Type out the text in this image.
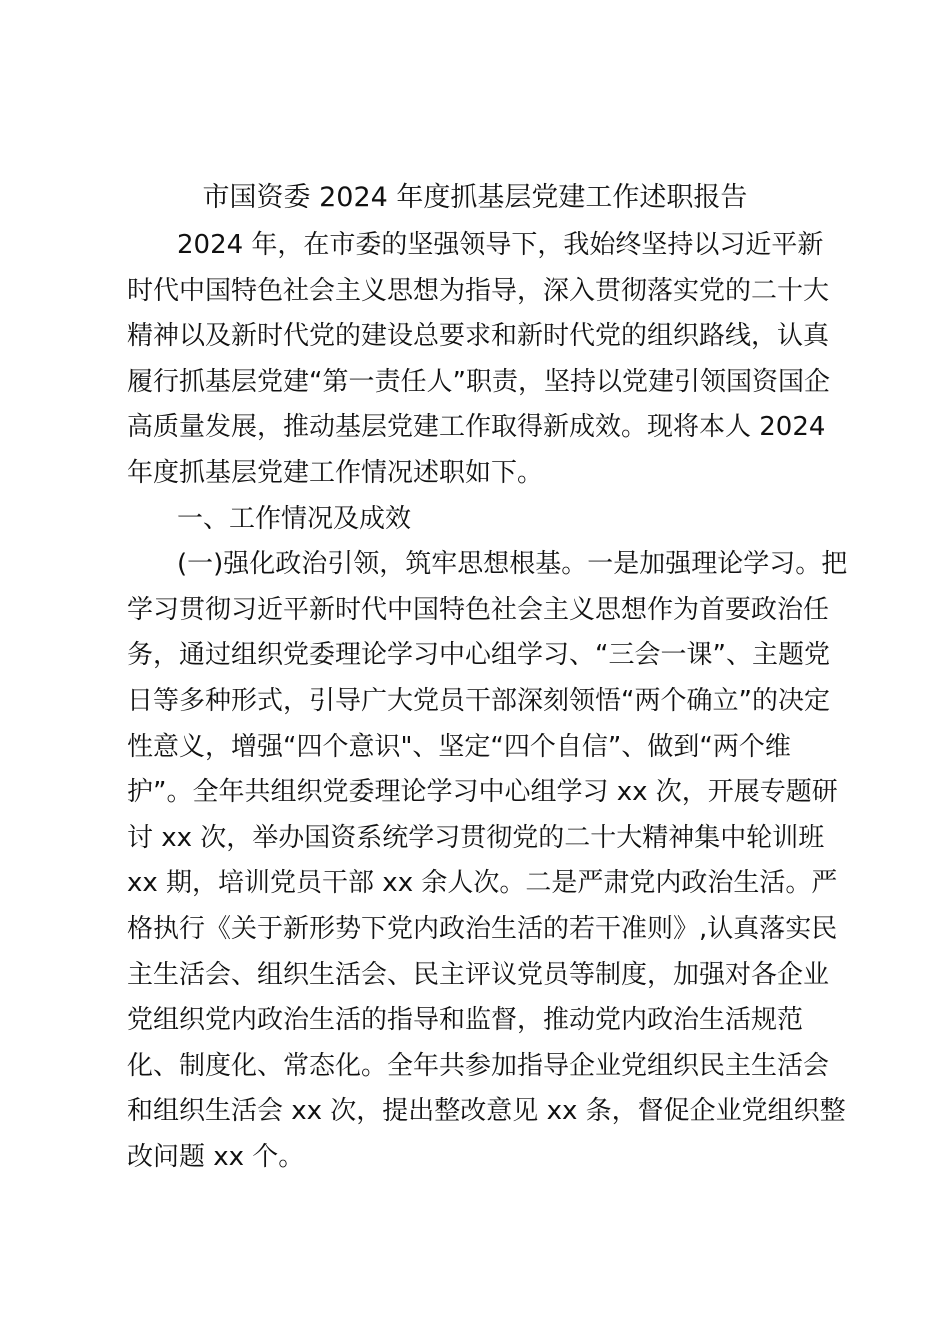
市国资委 2024 年度抓基层党建工作述职报告
2024 年，在市委的坚强领导下，我始终坚持以习近平新
时代中国特色社会主义思想为指导，深入贯彻落实党的二十大
精神以及新时代党的建设总要求和新时代党的组织路线，认真
履行抓基层党建“第一责任人”职责，坚持以党建引领国资国企
高质量发展，推动基层党建工作取得新成效。现将本人 2024
年度抓基层党建工作情况述职如下。
一、工作情况及成效
(一)强化政治引领，筑牢思想根基。一是加强理论学习。把
学习贯彻习近平新时代中国特色社会主义思想作为首要政治任
务，通过组织党委理论学习中心组学习、“三会一课”、主题党
日等多种形式，引导广大党员干部深刻领悟“两个确立”的决定
性意义，增强“四个意识"、坚定“四个自信”、做到“两个维
护”。全年共组织党委理论学习中心组学习 xx 次，开展专题研
讨 xx 次，举办国资系统学习贯彻党的二十大精神集中轮训班
xx 期，培训党员干部 xx 余人次。二是严肃党内政治生活。严
格执行《关于新形势下党内政治生活的若干准则》,认真落实民
主生活会、组织生活会、民主评议党员等制度，加强对各企业
党组织党内政治生活的指导和监督，推动党内政治生活规范
化、制度化、常态化。全年共参加指导企业党组织民主生活会
和组织生活会 xx 次，提出整改意见 xx 条，督促企业党组织整
改问题 xx 个。
